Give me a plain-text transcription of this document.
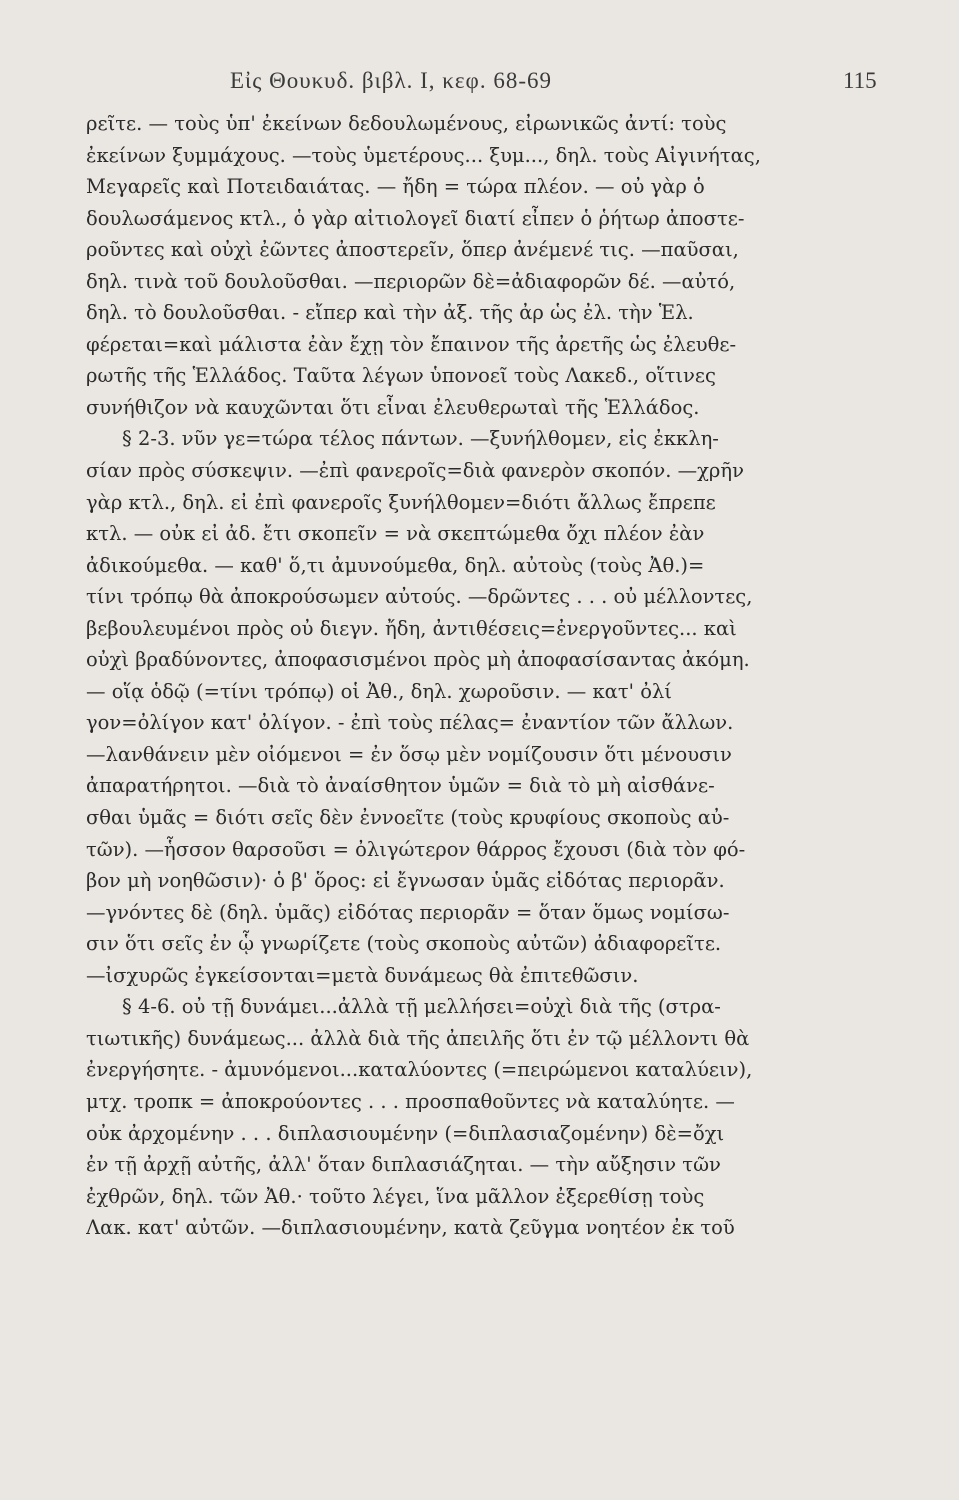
Εἰς Θουκυδ. βιβλ. Ι, κεφ. 68-69	115
ρεῖτε. — τοὺς ὑπ' ἐκείνων δεδουλωμένους, εἰρωνικῶς ἀντί: τοὺς
ἐκείνων ξυμμάχους. —τοὺς ὑμετέρους... ξυμ..., δηλ. τοὺς Αἰγινήτας,
Μεγαρεῖς καὶ Ποτειδαιάτας. — ἤδη = τώρα πλέον. — οὐ γὰρ ὁ
δουλωσάμενος κτλ., ὁ γὰρ αἰτιολογεῖ διατί εἶπεν ὁ ῥήτωρ ἀποστε-
ροῦντες καὶ οὐχὶ ἐῶντες ἀποστερεῖν, ὅπερ ἀνέμενέ τις. —παῦσαι,
δηλ. τινὰ τοῦ δουλοῦσθαι. —περιορῶν δὲ=ἀδιαφορῶν δέ. —αὐτό,
δηλ. τὸ δουλοῦσθαι. - εἴπερ καὶ τὴν ἀξ. τῆς ἀρ ὡς ἐλ. τὴν Ἑλ.
φέρεται=καὶ μάλιστα ἐὰν ἔχῃ τὸν ἔπαινον τῆς ἀρετῆς ὡς ἐλευθε-
ρωτῆς τῆς Ἑλλάδος. Ταῦτα λέγων ὑπονοεῖ τοὺς Λακεδ., οἵτινες
συνήθιζον νὰ καυχῶνται ὅτι εἶναι ἐλευθερωταὶ τῆς Ἑλλάδος.
§ 2-3. νῦν γε=τώρα τέλος πάντων. —ξυνήλθομεν, εἰς ἐκκλη-
σίαν πρὸς σύσκεψιν. —ἐπὶ φανεροῖς=διὰ φανερὸν σκοπόν. —χρῆν
γὰρ κτλ., δηλ. εἰ ἐπὶ φανεροῖς ξυνήλθομεν=διότι ἄλλως ἔπρεπε
κτλ. — οὐκ εἰ ἀδ. ἔτι σκοπεῖν = νὰ σκεπτώμεθα ὄχι πλέον ἐὰν
ἀδικούμεθα. — καθ' ὅ,τι ἀμυνούμεθα, δηλ. αὐτοὺς (τοὺς Ἀθ.)=
τίνι τρόπῳ θὰ ἀποκρούσωμεν αὐτούς. —δρῶντες . . . οὐ μέλλοντες,
βεβουλευμένοι πρὸς οὐ διεγν. ἤδη, ἀντιθέσεις=ἐνεργοῦντες... καὶ
οὐχὶ βραδύνοντες, ἀποφασισμένοι πρὸς μὴ ἀποφασίσαντας ἀκόμη.
— οἵᾳ ὁδῷ (=τίνι τρόπῳ) οἱ Ἀθ., δηλ. χωροῦσιν. — κατ' ὀλί
γον=ὀλίγον κατ' ὀλίγον. - ἐπὶ τοὺς πέλας= ἐναντίον τῶν ἄλλων.
—λανθάνειν μὲν οἰόμενοι = ἐν ὅσῳ μὲν νομίζουσιν ὅτι μένουσιν
ἀπαρατήρητοι. —διὰ τὸ ἀναίσθητον ὑμῶν = διὰ τὸ μὴ αἰσθάνε-
σθαι ὑμᾶς = διότι σεῖς δὲν ἐννοεῖτε (τοὺς κρυφίους σκοποὺς αὐ-
τῶν). —ἧσσον θαρσοῦσι = ὀλιγώτερον θάρρος ἔχουσι (διὰ τὸν φό-
βον μὴ νοηθῶσιν)· ὁ β' ὅρος: εἰ ἔγνωσαν ὑμᾶς εἰδότας περιορᾶν.
—γνόντες δὲ (δηλ. ὑμᾶς) εἰδότας περιορᾶν = ὅταν ὅμως νομίσω-
σιν ὅτι σεῖς ἐν ᾧ γνωρίζετε (τοὺς σκοποὺς αὐτῶν) ἀδιαφορεῖτε.
—ἰσχυρῶς ἐγκείσονται=μετὰ δυνάμεως θὰ ἐπιτεθῶσιν.
§ 4-6. οὐ τῇ δυνάμει...ἀλλὰ τῇ μελλήσει=οὐχὶ διὰ τῆς (στρα-
τιωτικῆς) δυνάμεως... ἀλλὰ διὰ τῆς ἀπειλῆς ὅτι ἐν τῷ μέλλοντι θὰ
ἐνεργήσητε. - ἀμυνόμενοι...καταλύοντες (=πειρώμενοι καταλύειν),
μτχ. τροπκ = ἀποκρούοντες . . . προσπαθοῦντες νὰ καταλύητε. —
οὐκ ἀρχομένην . . . διπλασιουμένην (=διπλασιαζομένην) δὲ=ὄχι
ἐν τῇ ἀρχῇ αὐτῆς, ἀλλ' ὅταν διπλασιάζηται. — τὴν αὔξησιν τῶν
ἐχθρῶν, δηλ. τῶν Ἀθ.· τοῦτο λέγει, ἵνα μᾶλλον ἐξερεθίσῃ τοὺς
Λακ. κατ' αὐτῶν. —διπλασιουμένην, κατὰ ζεῦγμα νοητέον ἐκ τοῦ
